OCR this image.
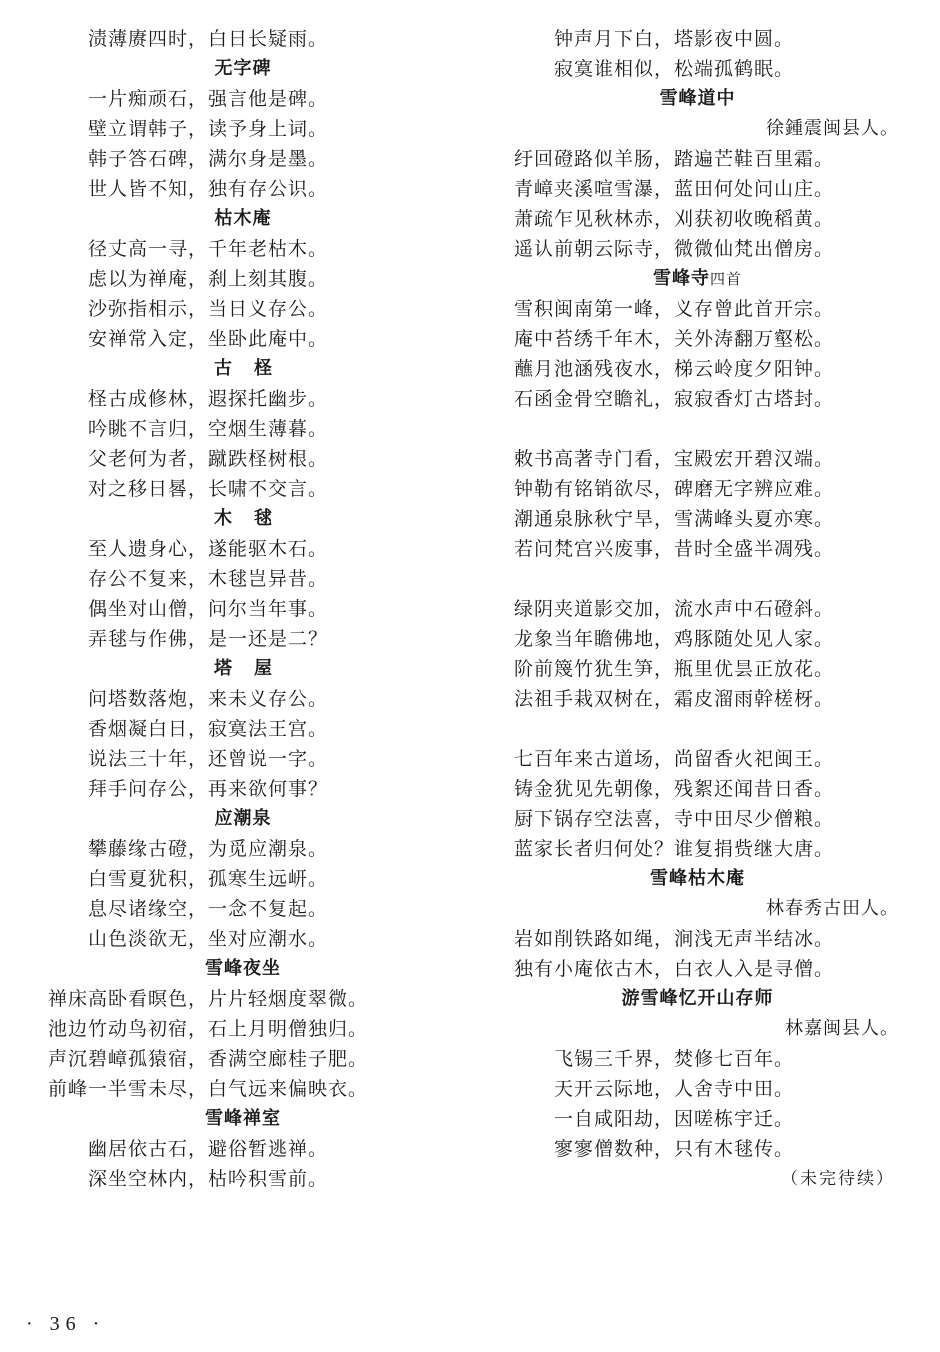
渍薄赓四时，白日长疑雨。
无字碑
一片痴顽石，强言他是碑。
壁立谓韩子，读予身上词。
韩子答石碑，满尔身是墨。
世人皆不知，独有存公识。
枯木庵
径丈高一寻，千年老枯木。
虑以为禅庵，刹上刻其腹。
沙弥指相示，当日义存公。
安禅常入定，坐卧此庵中。
古柽
柽古成修林，遐探托幽步。
吟眺不言归，空烟生薄暮。
父老何为者，蹴跌柽树根。
对之移日晷，长啸不交言。
木毬
至人遗身心，遂能驱木石。
存公不复来，木毬岂异昔。
偶坐对山僧，问尔当年事。
弄毬与作佛，是一还是二？
塔屋
问塔数落炮，来未义存公。
香烟凝白日，寂寞法王宫。
说法三十年，还曾说一字。
拜手问存公，再来欲何事？
应潮泉
攀藤缘古磴，为觅应潮泉。
白雪夏犹积，孤寒生远岍。
息尽诸缘空，一念不复起。
山色淡欲无，坐对应潮水。
雪峰夜坐
禅床高卧看暝色，片片轻烟度翠微。
池边竹动鸟初宿，石上月明僧独归。
声沉碧嶂孤猿宿，香满空廊桂子肥。
前峰一半雪未尽，白气远来偏映衣。
雪峰禅室
幽居依古石，避俗暂逃禅。
深坐空林内，枯吟积雪前。
钟声月下白，塔影夜中圆。
寂寞谁相似，松端孤鹤眠。
雪峰道中
徐鍾震闽县人。
纡回磴路似羊肠，踏遍芒鞋百里霜。
青嶂夹溪喧雪瀑，蓝田何处问山庄。
萧疏乍见秋林赤，刈获初收晚稻黄。
遥认前朝云际寺，微微仙梵出僧房。
雪峰寺四首
雪积闽南第一峰，义存曾此首开宗。
庵中苔绣千年木，关外涛翻万壑松。
蘸月池涵残夜水，梯云岭度夕阳钟。
石函金骨空瞻礼，寂寂香灯古塔封。
敕书高著寺门看，宝殿宏开碧汉端。
钟勒有铭销欲尽，碑磨无字辨应难。
潮通泉脉秋宁旱，雪满峰头夏亦寒。
若问梵宫兴废事，昔时全盛半凋残。
绿阴夹道影交加，流水声中石磴斜。
龙象当年瞻佛地，鸡豚随处见人家。
阶前篾竹犹生笋，瓶里优昙正放花。
法祖手栽双树在，霜皮溜雨幹槎枒。
七百年来古道场，尚留香火祀闽王。
铸金犹见先朝像，残絮还闻昔日香。
厨下锅存空法喜，寺中田尽少僧粮。
蓝家长者归何处？谁复捐赀继大唐。
雪峰枯木庵
林春秀古田人。
岩如削铁路如绳，涧浅无声半结冰。
独有小庵依古木，白衣人入是寻僧。
游雪峰忆开山存师
林嘉闽县人。
飞锡三千界，焚修七百年。
天开云际地，人舍寺中田。
一自咸阳劫，因嗟栋宇迁。
寥寥僧数种，只有木毬传。
（未完待续）
· 36 ·
